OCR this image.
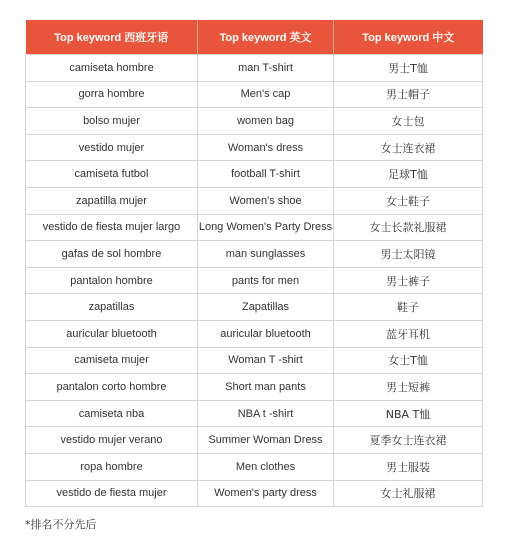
Top keyword 西班牙语	Top keyword 英文	Top keyword 中文
camiseta hombre	man T-shirt	男士T恤
gorra hombre	Men's cap	男士帽子
bolso mujer	women bag	女士包
vestido mujer	Woman's dress	女士连衣裙
camiseta futbol	football T-shirt	足球T恤
zapatilla mujer	Women's shoe	女士鞋子
vestido de fiesta mujer largo	Long Women's Party Dress	女士长款礼服裙
gafas de sol hombre	man sunglasses	男士太阳镜
pantalon hombre	pants for men	男士裤子
zapatillas	Zapatillas	鞋子
auricular bluetooth	auricular bluetooth	蓝牙耳机
camiseta mujer	Woman T -shirt	女士T恤
pantalon corto hombre	Short man pants	男士短裤
camiseta nba	NBA t -shirt	NBA T恤
vestido mujer verano	Summer Woman Dress	夏季女士连衣裙
ropa hombre	Men clothes	男士服装
vestido de fiesta mujer	Women's party dress	女士礼服裙
*排名不分先后
